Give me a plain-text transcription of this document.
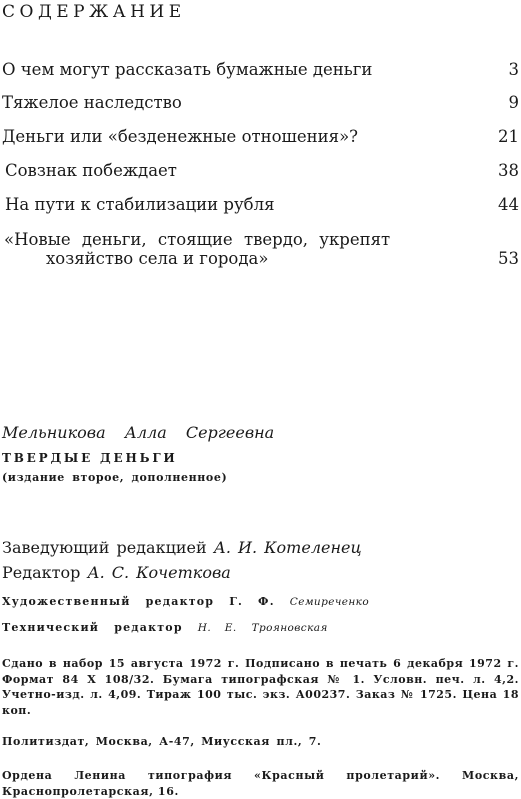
СОДЕРЖАНИЕ
О чем могут рассказать бумажные деньги	3
Тяжелое наследство	9
Деньги или «безденежные отношения»?	21
Совзнак побеждает	38
На пути к стабилизации рубля	44
«Новые деньги, стоящие твердо, укрепят
хозяйство села и города»	53
Мельникова Алла Сергеевна
ТВЕРДЫЕ ДЕНЬГИ
(издание второе, дополненное)
Заведующий редакцией А. И. Котеленец
Редактор А. С. Кочеткова
Художественный редактор Г. Ф. Семиреченко
Технический редактор Н. Е. Трояновская
Сдано в набор 15 августа 1972 г. Подписано в печать 6 декабря 1972 г. Формат 84 X 108/32. Бумага типографская № 1. Условн. печ. л. 4,2. Учетно-изд. л. 4,09. Тираж 100 тыс. экз. А00237. Заказ № 1725. Цена 18 коп.
Политиздат, Москва, А-47, Миусская пл., 7.
Ордена Ленина типография «Красный пролетарий». Москва, Краснопролетарская, 16.
